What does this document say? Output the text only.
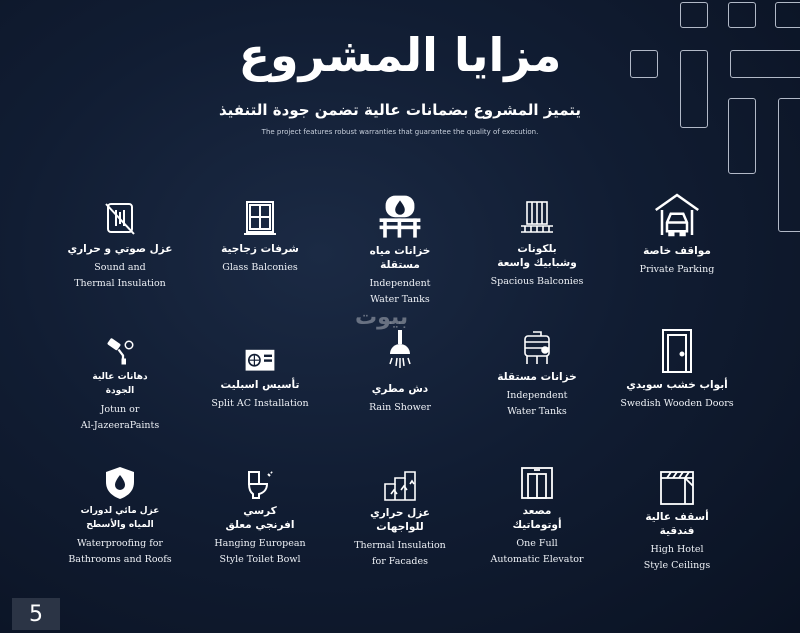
مزايا المشروع
يتميز المشروع بضمانات عالية تضمن جودة التنفيذ
The project features robust warranties that guarantee the quality of execution.
بيوت
عزل صوتي و حراري
Sound and
Thermal Insulation
شرفات زجاجية
Glass Balconies
خزانات مياه
مستقلة
Independent
Water Tanks
بلكونات
وشبابيك واسعة
Spacious Balconies
مواقف خاصة
Private Parking
دهانات عالية
الجودة
Jotun or
Al-JazeeraPaints
تأسيس اسبليت
Split AC Installation
دش مطري
Rain Shower
خزانات مستقلة
Independent
Water Tanks
أبواب خشب سويدي
Swedish Wooden Doors
عزل مائي لدورات
المياه والأسطح
Waterproofing for
Bathrooms and Roofs
كرسي
افرنجي معلق
Hanging European
Style Toilet Bowl
عزل حراري
للواجهات
Thermal Insulation
for Facades
مصعد
أوتوماتيك
One Full
Automatic Elevator
أسقف عالية
فندقية
High Hotel
Style Ceilings
5
